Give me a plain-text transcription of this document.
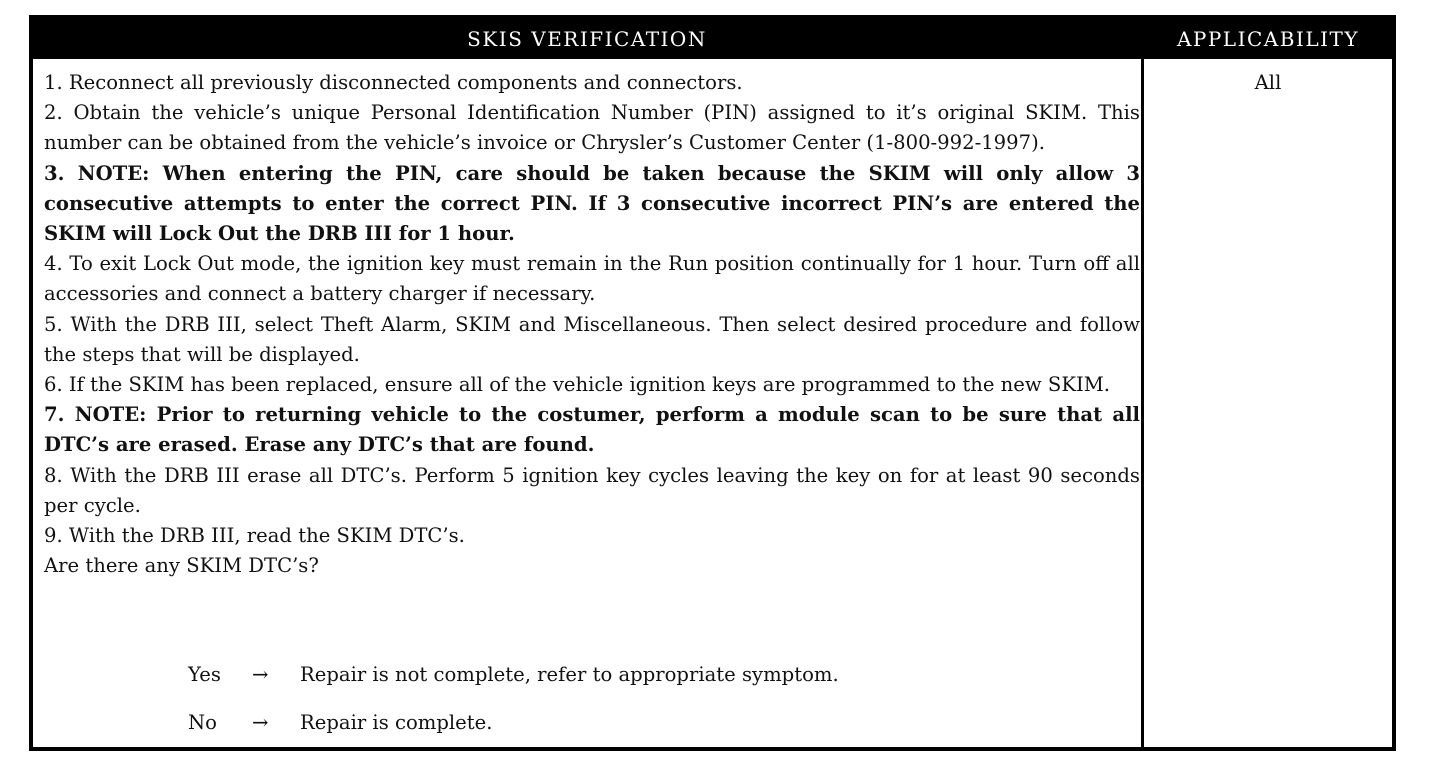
SKIS VERIFICATION	APPLICABILITY

1. Reconnect all previously disconnected components and connectors.

2. Obtain the vehicle’s unique Personal Identification Number (PIN) assigned to it’s original SKIM. This number can be obtained from the vehicle’s invoice or Chrysler’s Customer Center (1-800-992-1997).

3. NOTE: When entering the PIN, care should be taken because the SKIM will only allow 3 consecutive attempts to enter the correct PIN. If 3 consecutive incorrect PIN’s are entered the SKIM will Lock Out the DRB III for 1 hour.

4. To exit Lock Out mode, the ignition key must remain in the Run position continually for 1 hour. Turn off all accessories and connect a battery charger if necessary.

5. With the DRB III, select Theft Alarm, SKIM and Miscellaneous. Then select desired procedure and follow the steps that will be displayed.

6. If the SKIM has been replaced, ensure all of the vehicle ignition keys are programmed to the new SKIM.

7. NOTE: Prior to returning vehicle to the costumer, perform a module scan to be sure that all DTC’s are erased. Erase any DTC’s that are found.

8. With the DRB III erase all DTC’s. Perform 5 ignition key cycles leaving the key on for at least 90 seconds per cycle.

9. With the DRB III, read the SKIM DTC’s.

Are there any SKIM DTC’s?

Yes → Repair is not complete, refer to appropriate symptom.
No → Repair is complete.
All
